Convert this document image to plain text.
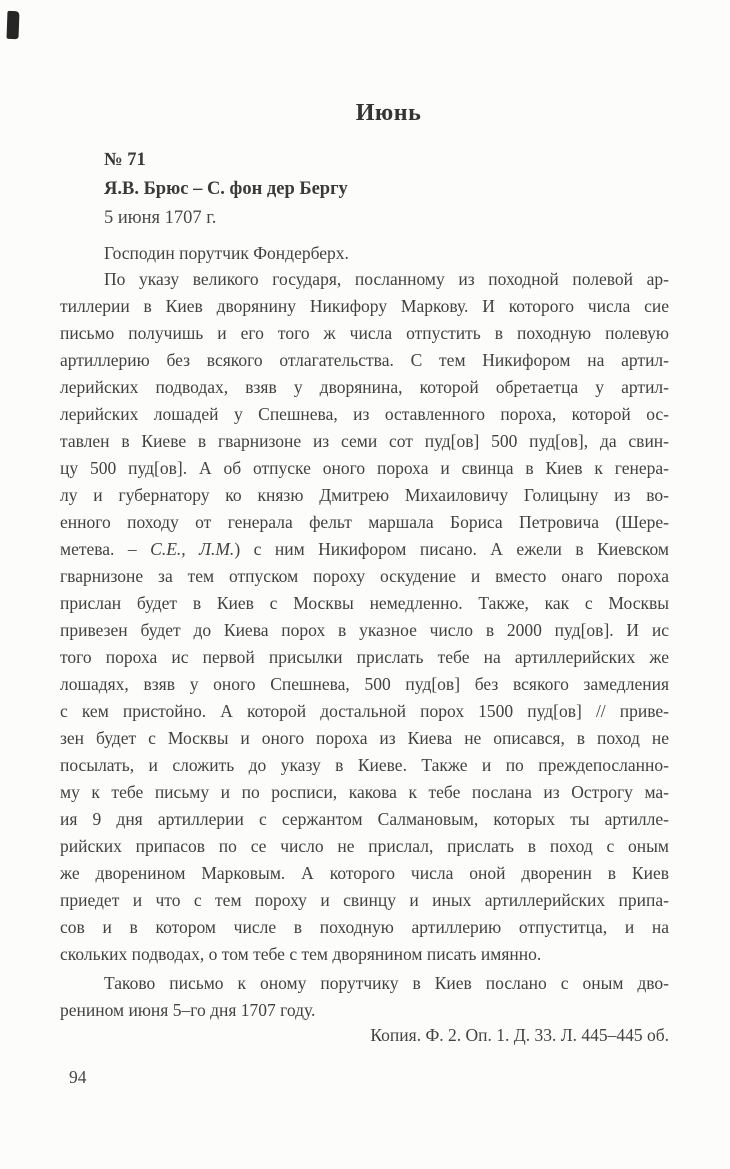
Июнь
№ 71
Я.В. Брюс – С. фон дер Бергу
5 июня 1707 г.
Господин порутчик Фондерберх.
По указу великого государя, посланному из походной полевой ар-
тиллерии в Киев дворянину Никифору Маркову. И которого числа сие
письмо получишь и его того ж числа отпустить в походную полевую
артиллерию без всякого отлагательства. С тем Никифором на артил-
лерийских подводах, взяв у дворянина, которой обретаетца у артил-
лерийских лошадей у Спешнева, из оставленного пороха, которой ос-
тавлен в Киеве в гварнизоне из семи сот пуд[ов] 500 пуд[ов], да свин-
цу 500 пуд[ов]. А об отпуске оного пороха и свинца в Киев к генера-
лу и губернатору ко князю Дмитрею Михаиловичу Голицыну из во-
енного походу от генерала фельт маршала Бориса Петровича (Шере-
метева. – С.Е., Л.М.) с ним Никифором писано. А ежели в Киевском
гварнизоне за тем отпуском пороху оскудение и вместо онаго пороха
прислан будет в Киев с Москвы немедленно. Также, как с Москвы
привезен будет до Киева порох в указное число в 2000 пуд[ов]. И ис
того пороха ис первой присылки прислать тебе на артиллерийских же
лошадях, взяв у оного Спешнева, 500 пуд[ов] без всякого замедления
с кем пристойно. А которой достальной порох 1500 пуд[ов] // приве-
зен будет с Москвы и оного пороха из Киева не описався, в поход не
посылать, и сложить до указу в Киеве. Также и по преждепосланно-
му к тебе письму и по росписи, какова к тебе послана из Острогу ма-
ия 9 дня артиллерии с сержантом Салмановым, которых ты артилле-
рийских припасов по се число не прислал, прислать в поход с оным
же дворенином Марковым. А которого числа оной дворенин в Киев
приедет и что с тем пороху и свинцу и иных артиллерийских припа-
сов и в котором числе в походную артиллерию отпуститца, и на
скольких подводах, о том тебе с тем дворянином писать имянно.
Таково письмо к оному порутчику в Киев послано с оным дво-
ренином июня 5–го дня 1707 году.
Копия. Ф. 2. Оп. 1. Д. 33. Л. 445–445 об.
94
